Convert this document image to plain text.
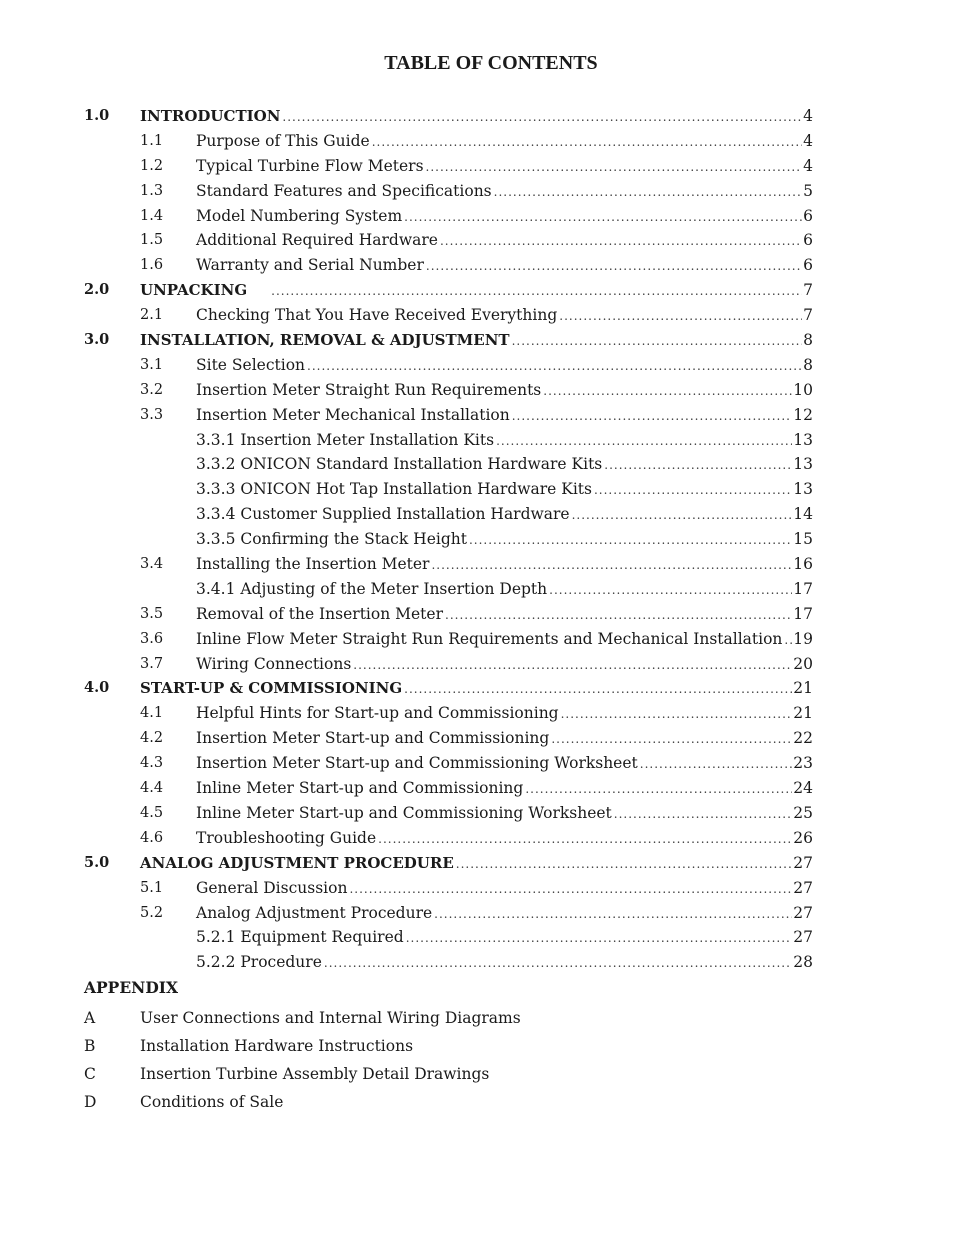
TABLE OF CONTENTS
1.0 INTRODUCTION .....	4
1.1 Purpose of This Guide .....	4
1.2 Typical Turbine Flow Meters .....	4
1.3 Standard Features and Specifications .....	5
1.4 Model Numbering System .....	6
1.5 Additional Required Hardware .....	6
1.6 Warranty and Serial Number .....	6
2.0 UNPACKING .....	7
2.1 Checking That You Have Received Everything .....	7
3.0 INSTALLATION, REMOVAL & ADJUSTMENT .....	8
3.1 Site Selection .....	8
3.2 Insertion Meter Straight Run Requirements .....	10
3.3 Insertion Meter Mechanical Installation .....	12
3.3.1 Insertion Meter Installation Kits .....	13
3.3.2 ONICON Standard Installation Hardware Kits .....	13
3.3.3 ONICON Hot Tap Installation Hardware Kits .....	13
3.3.4 Customer Supplied Installation Hardware .....	14
3.3.5 Confirming the Stack Height .....	15
3.4 Installing the Insertion Meter .....	16
3.4.1 Adjusting of the Meter Insertion Depth .....	17
3.5 Removal of the Insertion Meter .....	17
3.6 Inline Flow Meter Straight Run Requirements and Mechanical Installation ..... 19
3.7 Wiring Connections .....	20
4.0 START-UP & COMMISSIONING .....	21
4.1 Helpful Hints for Start-up and Commissioning .....	21
4.2 Insertion Meter Start-up and Commissioning .....	22
4.3 Insertion Meter Start-up and Commissioning Worksheet .....	23
4.4 Inline Meter Start-up and Commissioning .....	24
4.5 Inline Meter Start-up and Commissioning Worksheet .....	25
4.6 Troubleshooting Guide .....	26
5.0 ANALOG ADJUSTMENT PROCEDURE .....	27
5.1 General Discussion .....	27
5.2 Analog Adjustment Procedure .....	27
5.2.1 Equipment Required .....	27
5.2.2 Procedure .....	28
APPENDIX
A	User Connections and Internal Wiring Diagrams
B	Installation Hardware Instructions
C	Insertion Turbine Assembly Detail Drawings
D	Conditions of Sale
